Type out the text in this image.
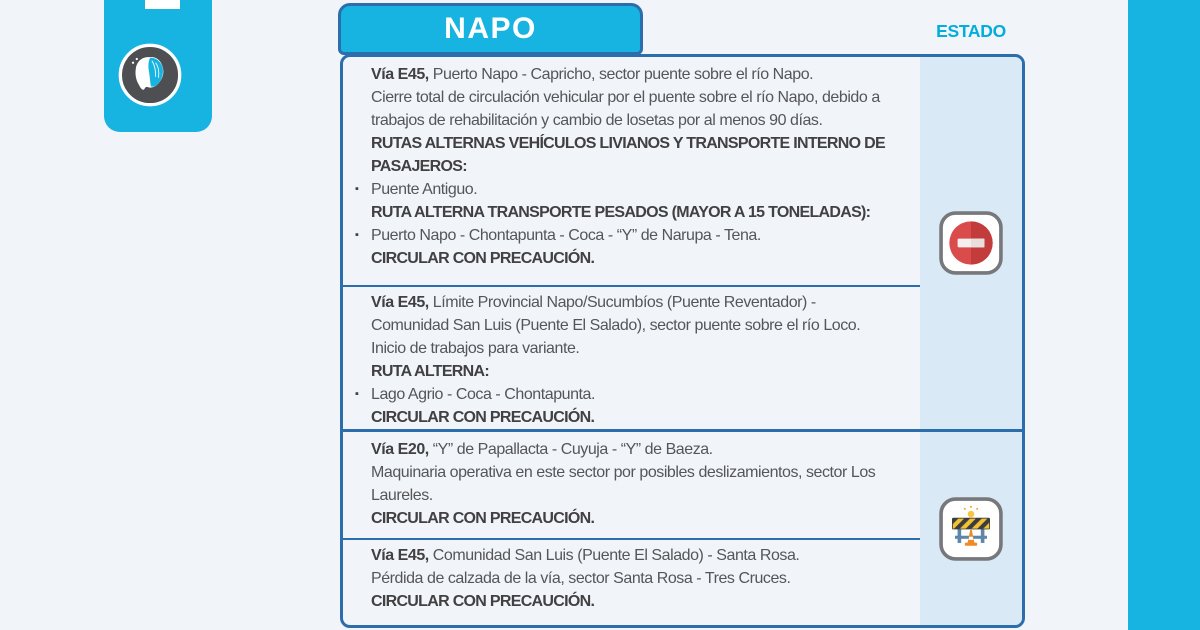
NAPO	ESTADO
Vía E45, Puerto Napo - Capricho, sector puente sobre el río Napo.
Cierre total de circulación vehicular por el puente sobre el río Napo, debido a
trabajos de rehabilitación y cambio de losetas por al menos 90 días.
RUTAS ALTERNAS VEHÍCULOS LIVIANOS Y TRANSPORTE INTERNO DE
PASAJEROS:
▪ Puente Antiguo.
RUTA ALTERNA TRANSPORTE PESADOS (MAYOR A 15 TONELADAS):
▪ Puerto Napo - Chontapunta - Coca - “Y” de Narupa - Tena.
CIRCULAR CON PRECAUCIÓN.
Vía E45, Límite Provincial Napo/Sucumbíos (Puente Reventador) -
Comunidad San Luis (Puente El Salado), sector puente sobre el río Loco.
Inicio de trabajos para variante.
RUTA ALTERNA:
▪ Lago Agrio - Coca - Chontapunta.
CIRCULAR CON PRECAUCIÓN.
Vía E20, “Y” de Papallacta - Cuyuja - “Y” de Baeza.
Maquinaria operativa en este sector por posibles deslizamientos, sector Los
Laureles.
CIRCULAR CON PRECAUCIÓN.
Vía E45, Comunidad San Luis (Puente El Salado) - Santa Rosa.
Pérdida de calzada de la vía, sector Santa Rosa - Tres Cruces.
CIRCULAR CON PRECAUCIÓN.
